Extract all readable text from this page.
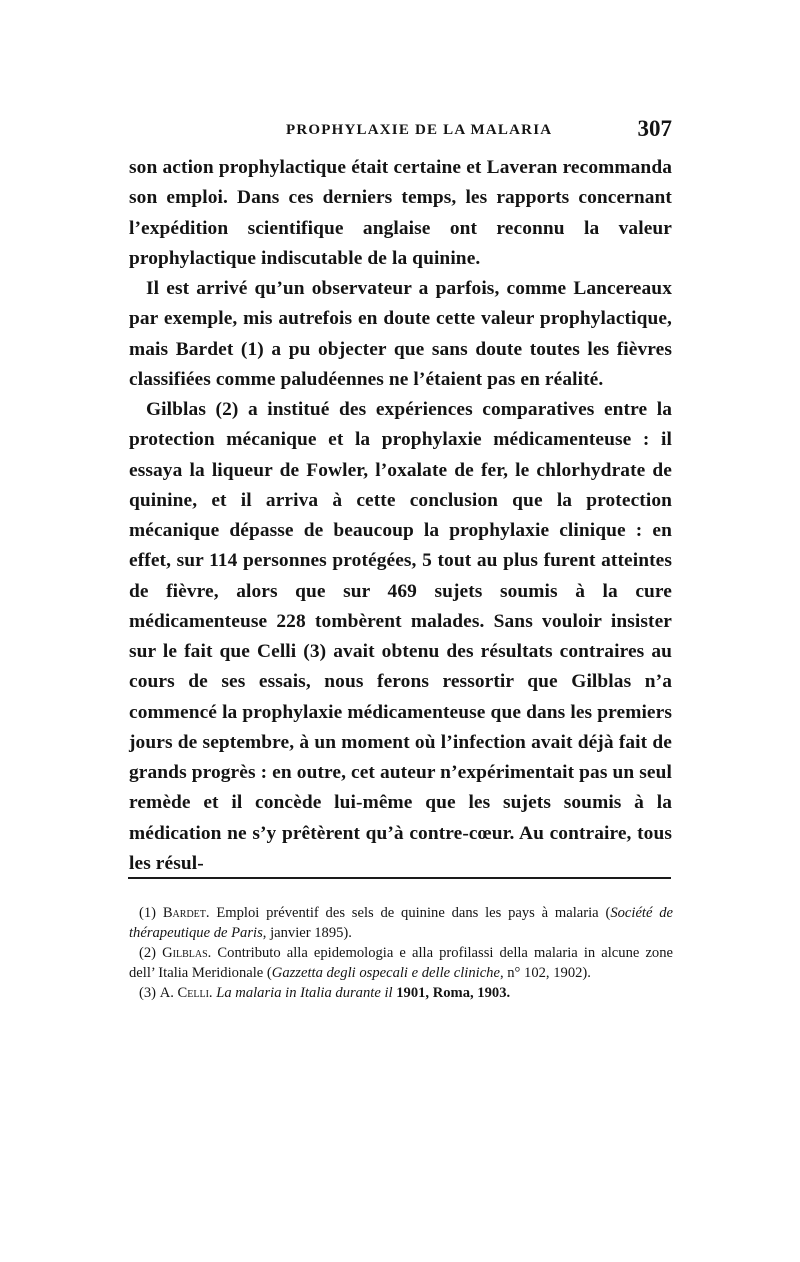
PROPHYLAXIE DE LA MALARIA	307

son action prophylactique était certaine et Laveran recommanda son emploi. Dans ces derniers temps, les rapports concernant l’expédition scientifique anglaise ont reconnu la valeur prophylactique indiscutable de la quinine.

Il est arrivé qu’un observateur a parfois, comme Lancereaux par exemple, mis autrefois en doute cette valeur prophylactique, mais Bardet (1) a pu objecter que sans doute toutes les fièvres classifiées comme paludéennes ne l’étaient pas en réalité.

Gilblas (2) a institué des expériences comparatives entre la protection mécanique et la prophylaxie médicamenteuse : il essaya la liqueur de Fowler, l’oxalate de fer, le chlorhydrate de quinine, et il arriva à cette conclusion que la protection mécanique dépasse de beaucoup la prophylaxie clinique : en effet, sur 114 personnes protégées, 5 tout au plus furent atteintes de fièvre, alors que sur 469 sujets soumis à la cure médicamenteuse 228 tombèrent malades. Sans vouloir insister sur le fait que Celli (3) avait obtenu des résultats contraires au cours de ses essais, nous ferons ressortir que Gilblas n’a commencé la prophylaxie médicamenteuse que dans les premiers jours de septembre, à un moment où l’infection avait déjà fait de grands progrès : en outre, cet auteur n’expérimentait pas un seul remède et il concède lui-même que les sujets soumis à la médication ne s’y prêtèrent qu’à contre-cœur. Au contraire, tous les résul-

(1) Bardet. Emploi préventif des sels de quinine dans les pays à malaria (Société de thérapeutique de Paris, janvier 1895).

(2) Gilblas. Contributo alla epidemologia e alla profilassi della malaria in alcune zone dell’ Italia Meridionale (Gazzetta degli ospecali e delle cliniche, n° 102, 1902).

(3) A. Celli. La malaria in Italia durante il 1901, Roma, 1903.
